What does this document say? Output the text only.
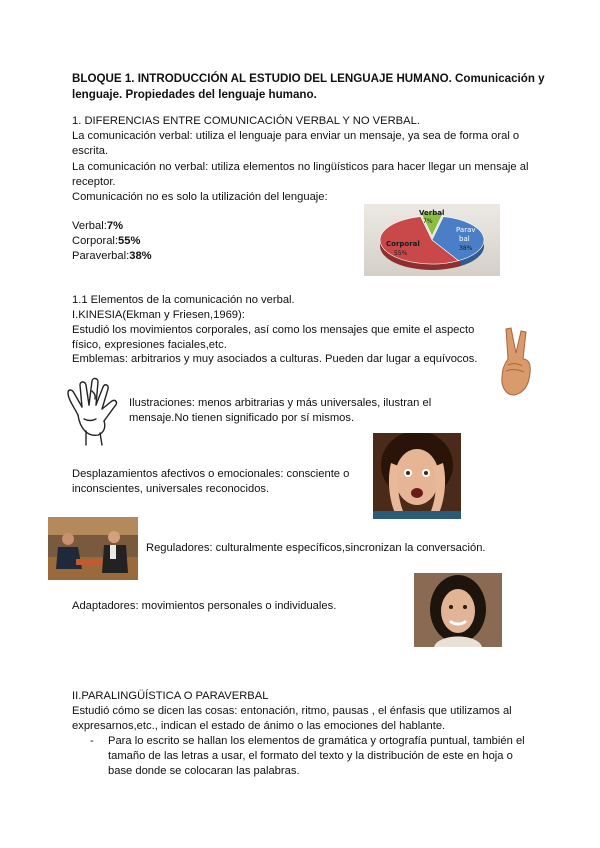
BLOQUE 1. INTRODUCCIÓN AL ESTUDIO DEL LENGUAJE HUMANO. Comunicación y
lenguaje. Propiedades del lenguaje humano.
1. DIFERENCIAS ENTRE COMUNICACIÓN VERBAL Y NO VERBAL.
La comunicación verbal: utiliza el lenguaje para enviar un mensaje, ya sea de forma oral o
escrita.
La comunicación no verbal: utiliza elementos no lingüísticos para hacer llegar un mensaje al
receptor.
Comunicación no es solo la utilización del lenguaje:
Verbal:7%
Corporal:55%
Paraverbal:38%
Verbal
7%
Parav
bal
38%
Corporal
55%
1.1 Elementos de la comunicación no verbal.
I.KINESIA(Ekman y Friesen,1969):
Estudió los movimientos corporales, así como los mensajes que emite el aspecto
físico, expresiones faciales,etc.
Emblemas: arbitrarios y muy asociados a culturas. Pueden dar lugar a equívocos.
Ilustraciones: menos arbitrarias y más universales, ilustran el
mensaje.No tienen significado por sí mismos.
Desplazamientos afectivos o emocionales: consciente o
inconscientes, universales reconocidos.
Reguladores: culturalmente específicos,sincronizan la conversación.
Adaptadores: movimientos personales o individuales.
II.PARALINGÜÍSTICA O PARAVERBAL
Estudió cómo se dicen las cosas: entonación, ritmo, pausas , el énfasis que utilizamos al
expresarnos,etc., indican el estado de ánimo o las emociones del hablante.
- Para lo escrito se hallan los elementos de gramática y ortografía puntual, también el
tamaño de las letras a usar, el formato del texto y la distribución de este en hoja o
base donde se colocaran las palabras.
